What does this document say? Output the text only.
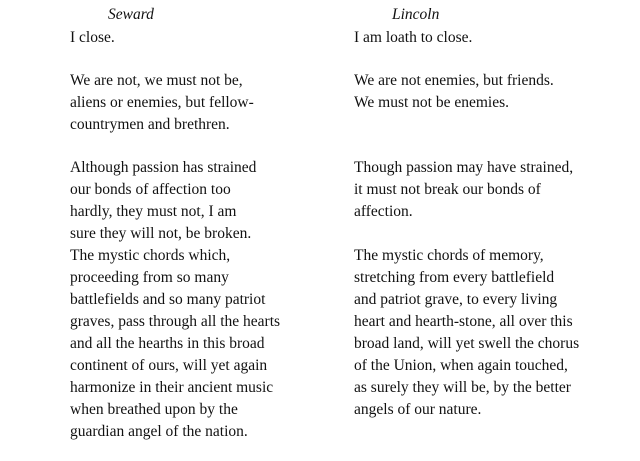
Seward

I close.

We are not, we must not be,
aliens or enemies, but fellow-
countrymen and brethren.

Although passion has strained
our bonds of affection too
hardly, they must not, I am
sure they will not, be broken.
The mystic chords which,
proceeding from so many
battlefields and so many patriot
graves, pass through all the hearts
and all the hearths in this broad
continent of ours, will yet again
harmonize in their ancient music
when breathed upon by the
guardian angel of the nation.

Lincoln

I am loath to close.

We are not enemies, but friends.
We must not be enemies.

Though passion may have strained,
it must not break our bonds of
affection.

The mystic chords of memory,
stretching from every battlefield
and patriot grave, to every living
heart and hearth-stone, all over this
broad land, will yet swell the chorus
of the Union, when again touched,
as surely they will be, by the better
angels of our nature.
